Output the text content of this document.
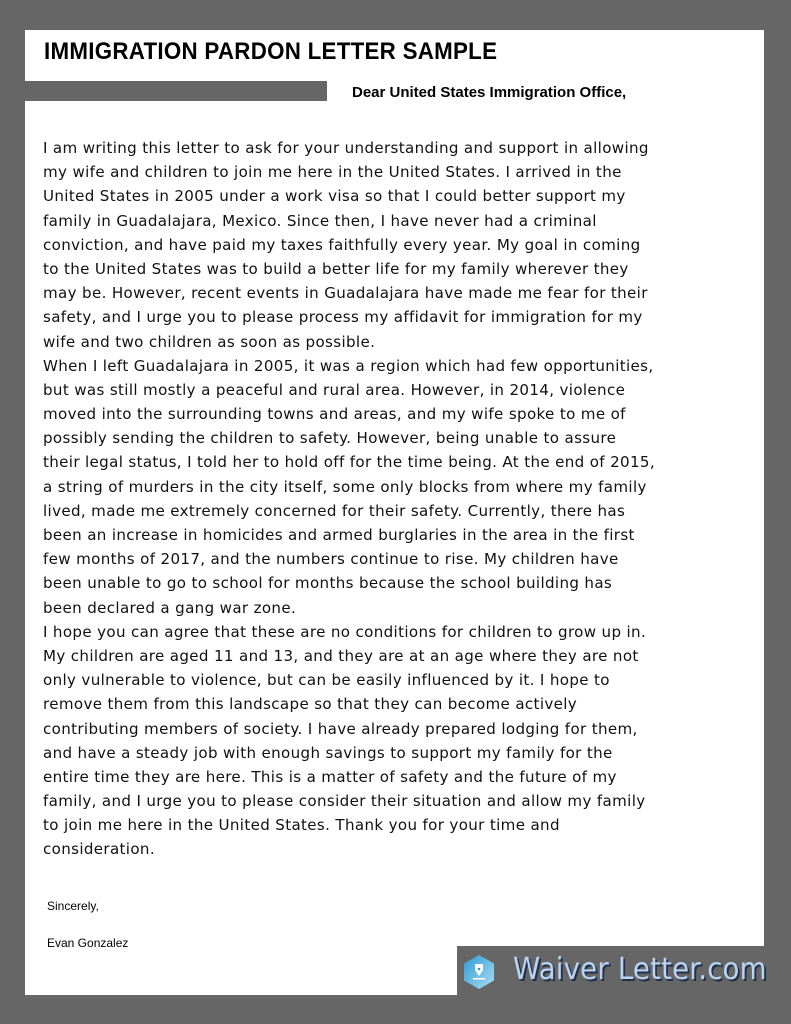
IMMIGRATION PARDON LETTER SAMPLE
Dear United States Immigration Office,
I am writing this letter to ask for your understanding and support in allowing
my wife and children to join me here in the United States. I arrived in the
United States in 2005 under a work visa so that I could better support my
family in Guadalajara, Mexico. Since then, I have never had a criminal
conviction, and have paid my taxes faithfully every year. My goal in coming
to the United States was to build a better life for my family wherever they
may be. However, recent events in Guadalajara have made me fear for their
safety, and I urge you to please process my affidavit for immigration for my
wife and two children as soon as possible.
When I left Guadalajara in 2005, it was a region which had few opportunities,
but was still mostly a peaceful and rural area. However, in 2014, violence
moved into the surrounding towns and areas, and my wife spoke to me of
possibly sending the children to safety. However, being unable to assure
their legal status, I told her to hold off for the time being. At the end of 2015,
a string of murders in the city itself, some only blocks from where my family
lived, made me extremely concerned for their safety. Currently, there has
been an increase in homicides and armed burglaries in the area in the first
few months of 2017, and the numbers continue to rise. My children have
been unable to go to school for months because the school building has
been declared a gang war zone.
I hope you can agree that these are no conditions for children to grow up in.
My children are aged 11 and 13, and they are at an age where they are not
only vulnerable to violence, but can be easily influenced by it. I hope to
remove them from this landscape so that they can become actively
contributing members of society. I have already prepared lodging for them,
and have a steady job with enough savings to support my family for the
entire time they are here. This is a matter of safety and the future of my
family, and I urge you to please consider their situation and allow my family
to join me here in the United States. Thank you for your time and
consideration.
Sincerely,
Evan Gonzalez
Waiver Letter.com
